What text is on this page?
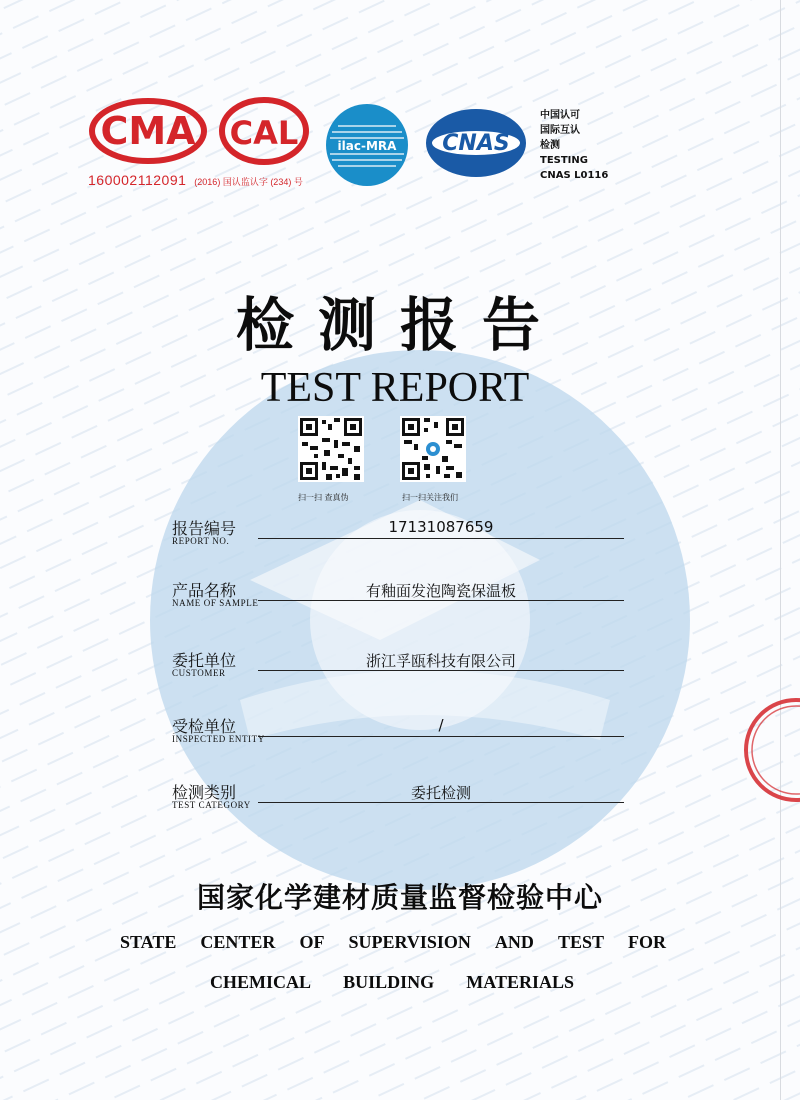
CMA CAL	ilac-MRA CNAS
中国认可
国际互认
检测
TESTING
CNAS L0116
160002112091 (2016) 国认监认字 (234) 号
检测报告
TEST REPORT
扫一扫 查真伪	扫一扫关注我们
报告编号
REPORT NO.
17131087659
产品名称
NAME OF SAMPLE
有釉面发泡陶瓷保温板
委托单位
CUSTOMER
浙江孚瓯科技有限公司
受检单位
INSPECTED ENTITY
/
检测类别
TEST CATEGORY
委托检测
国家化学建材质量监督检验中心
STATE CENTER OF SUPERVISION AND TEST FOR
CHEMICAL BUILDING MATERIALS
